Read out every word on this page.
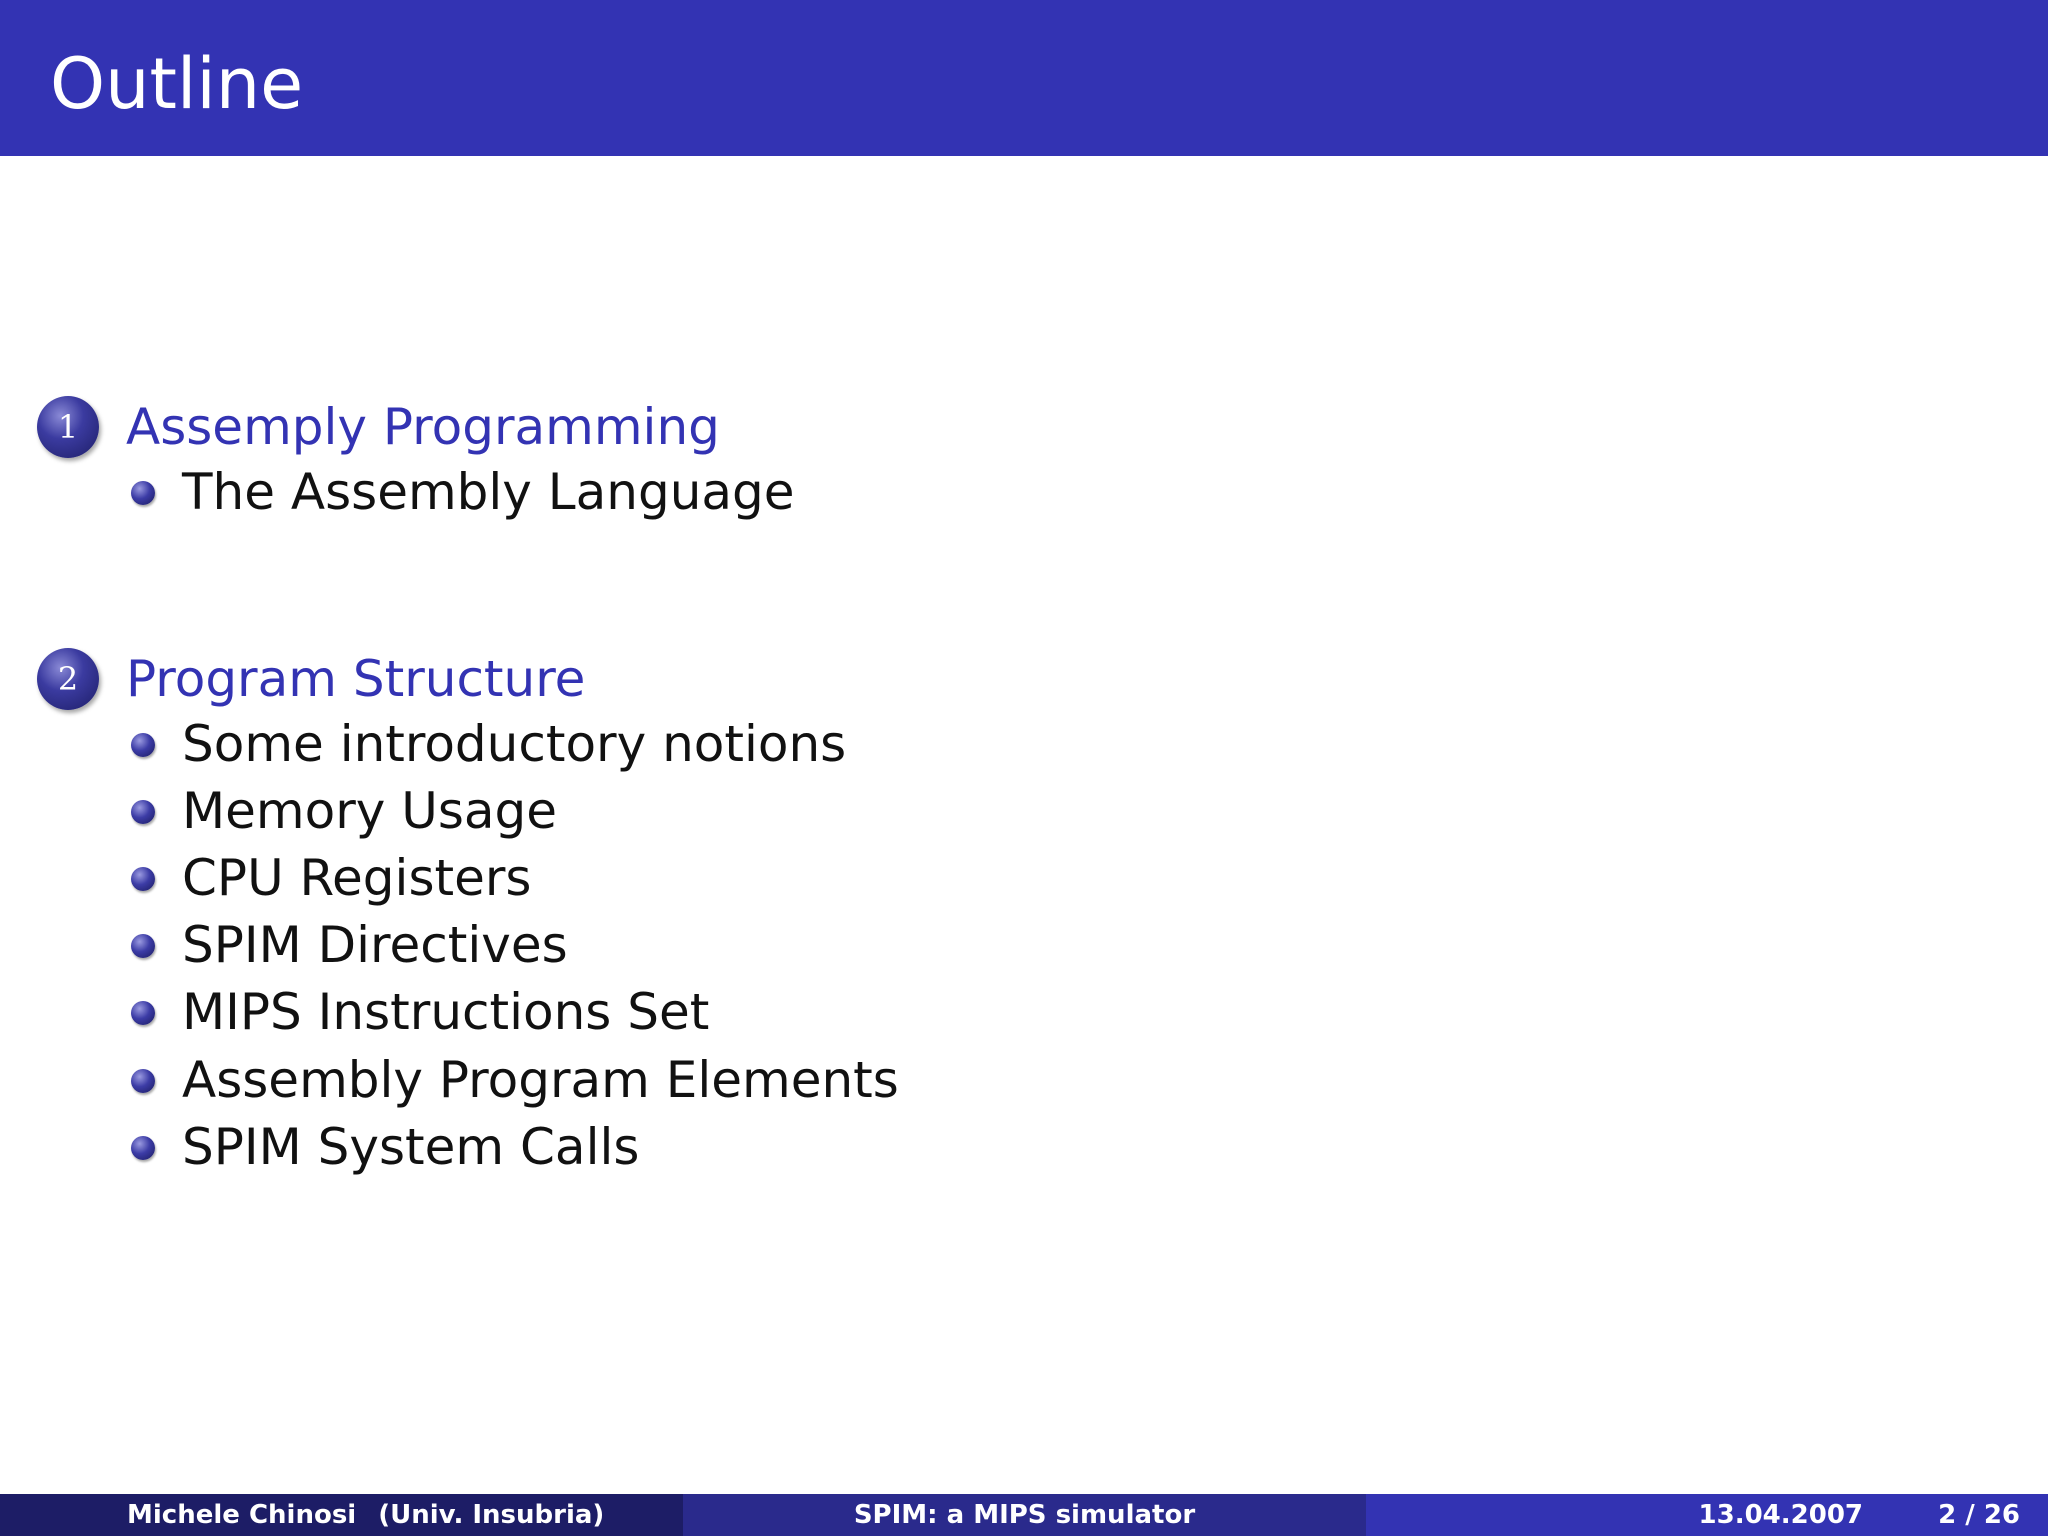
Outline
1 Assemply Programming
The Assembly Language
2 Program Structure
Some introductory notions
Memory Usage
CPU Registers
SPIM Directives
MIPS Instructions Set
Assembly Program Elements
SPIM System Calls
Michele Chinosi (Univ. Insubria)	SPIM: a MIPS simulator	13.04.2007	2 / 26
